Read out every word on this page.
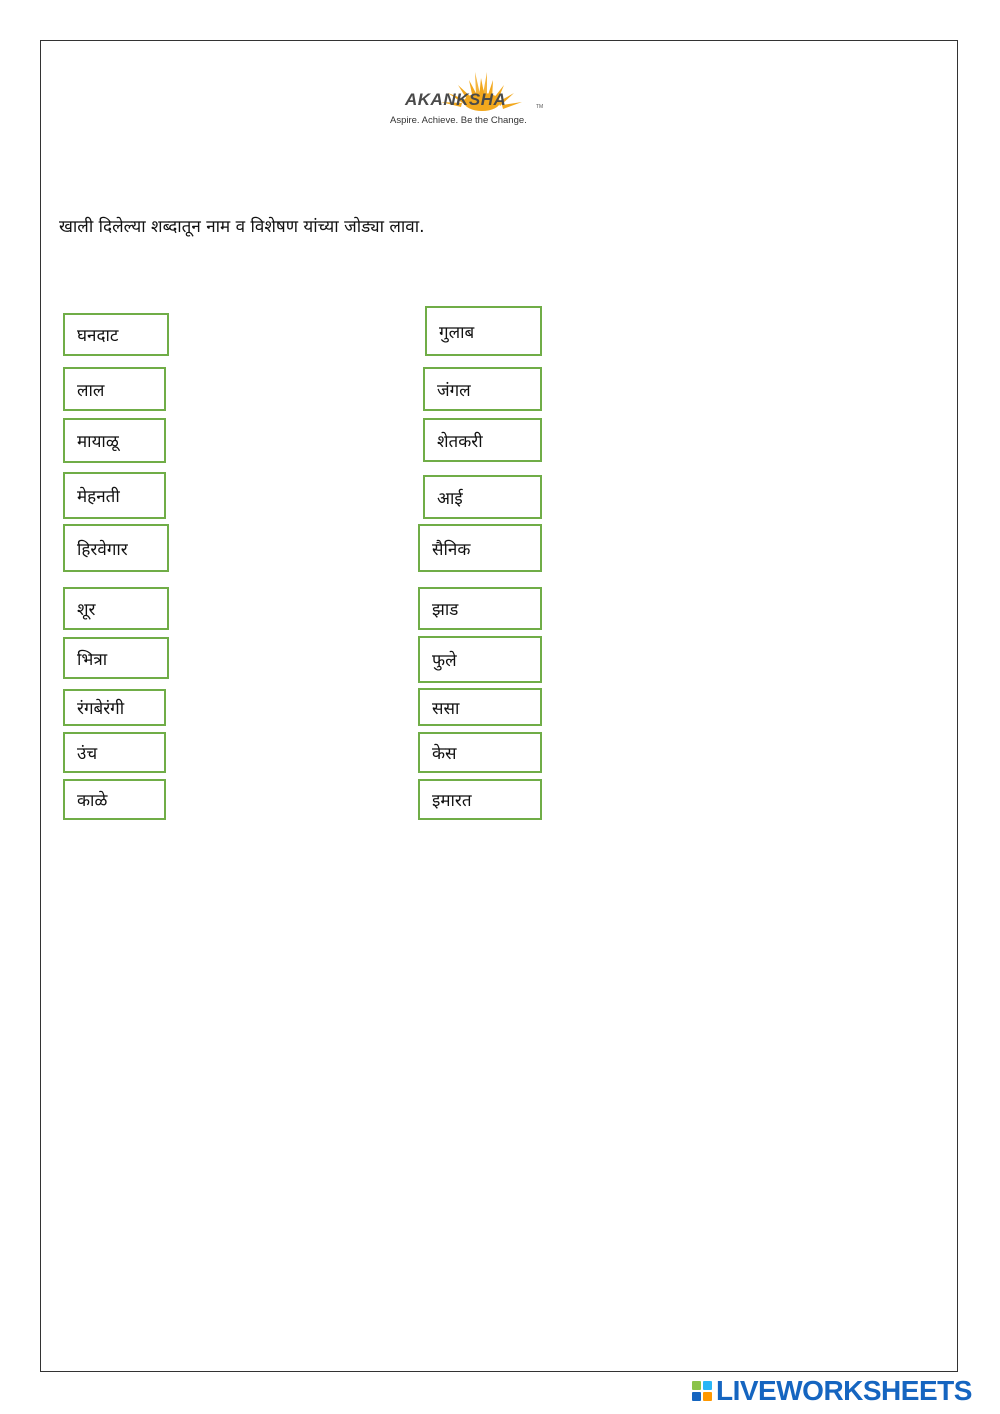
AKANKSHA	TM
Aspire. Achieve. Be the Change.
खाली दिलेल्या शब्दातून नाम व विशेषण यांच्या जोड्या लावा.
घनदाट
लाल
मायाळू
मेहनती
हिरवेगार
शूर
भित्रा
रंगबेरंगी
उंच
काळे
गुलाब
जंगल
शेतकरी
आई
सैनिक
झाड
फुले
ससा
केस
इमारत
LIVEWORKSHEETS
